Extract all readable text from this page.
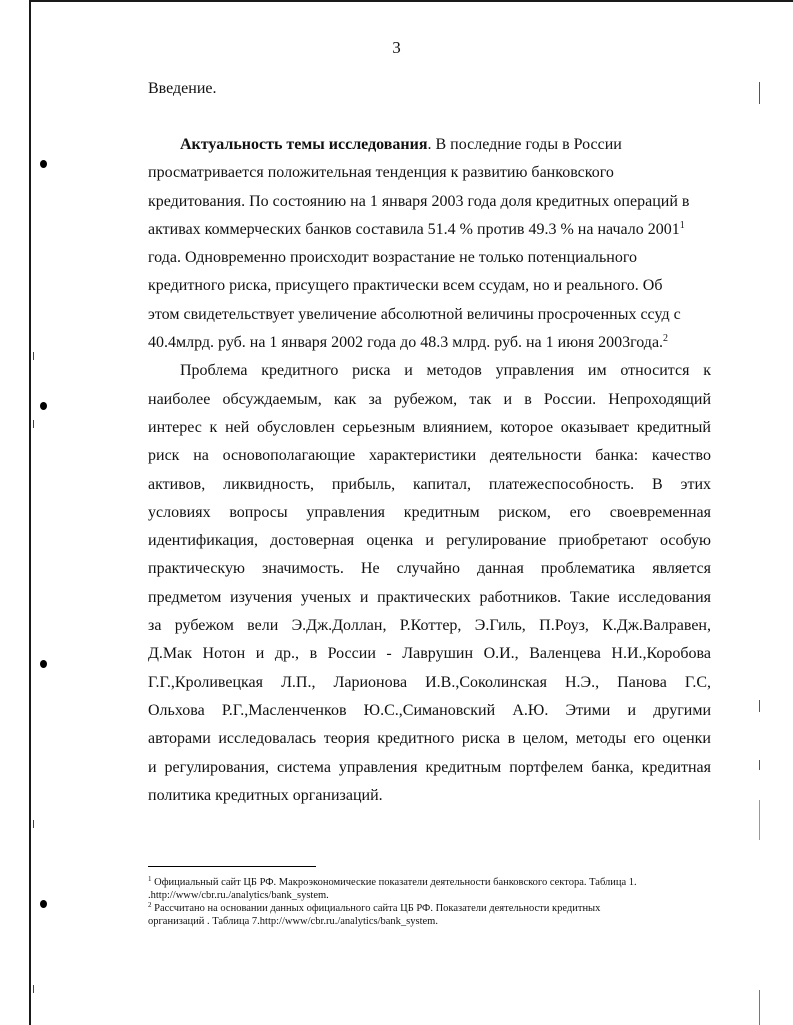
3
Введение.

Актуальность темы исследования. В последние годы в России
просматривается положительная тенденция к развитию банковского
кредитования. По состоянию на 1 января 2003 года доля кредитных операций в
активах коммерческих банков составила 51.4 % против 49.3 % на начало 2001$^1$
года. Одновременно происходит возрастание не только потенциального
кредитного риска, присущего практически всем ссудам, но и реального. Об
этом свидетельствует увеличение абсолютной величины просроченных ссуд с
40.4млрд. руб. на 1 января 2002 года до 48.3 млрд. руб. на 1 июня 2003года.$^2$

Проблема кредитного риска и методов управления им относится к
наиболее обсуждаемым, как за рубежом, так и в России. Непроходящий
интерес к ней обусловлен серьезным влиянием, которое оказывает кредитный
риск на основополагающие характеристики деятельности банка: качество
активов, ликвидность, прибыль, капитал, платежеспособность. В этих
условиях вопросы управления кредитным риском, его своевременная
идентификация, достоверная оценка и регулирование приобретают особую
практическую значимость. Не случайно данная проблематика является
предметом изучения ученых и практических работников. Такие исследования
за рубежом вели Э.Дж.Доллан, Р.Коттер, Э.Гиль, П.Роуз, К.Дж.Валравен,
Д.Мак Нотон и др., в России - Лаврушин О.И., Валенцева Н.И.,Коробова
Г.Г.,Кроливецкая Л.П., Ларионова И.В.,Соколинская Н.Э., Панова Г.С,
Ольхова Р.Г.,Масленченков Ю.С.,Симановский А.Ю. Этими и другими
авторами исследовалась теория кредитного риска в целом, методы его оценки
и регулирования, система управления кредитным портфелем банка, кредитная
политика кредитных организаций.

$^1$ Официальный сайт ЦБ РФ. Макроэкономические показатели деятельности банковского сектора. Таблица 1.
.http://www/cbr.ru./analytics/bank_system.
$^2$ Рассчитано на основании данных официального сайта ЦБ РФ. Показатели деятельности кредитных
организаций . Таблица 7.http://www/cbr.ru./analytics/bank_system.
